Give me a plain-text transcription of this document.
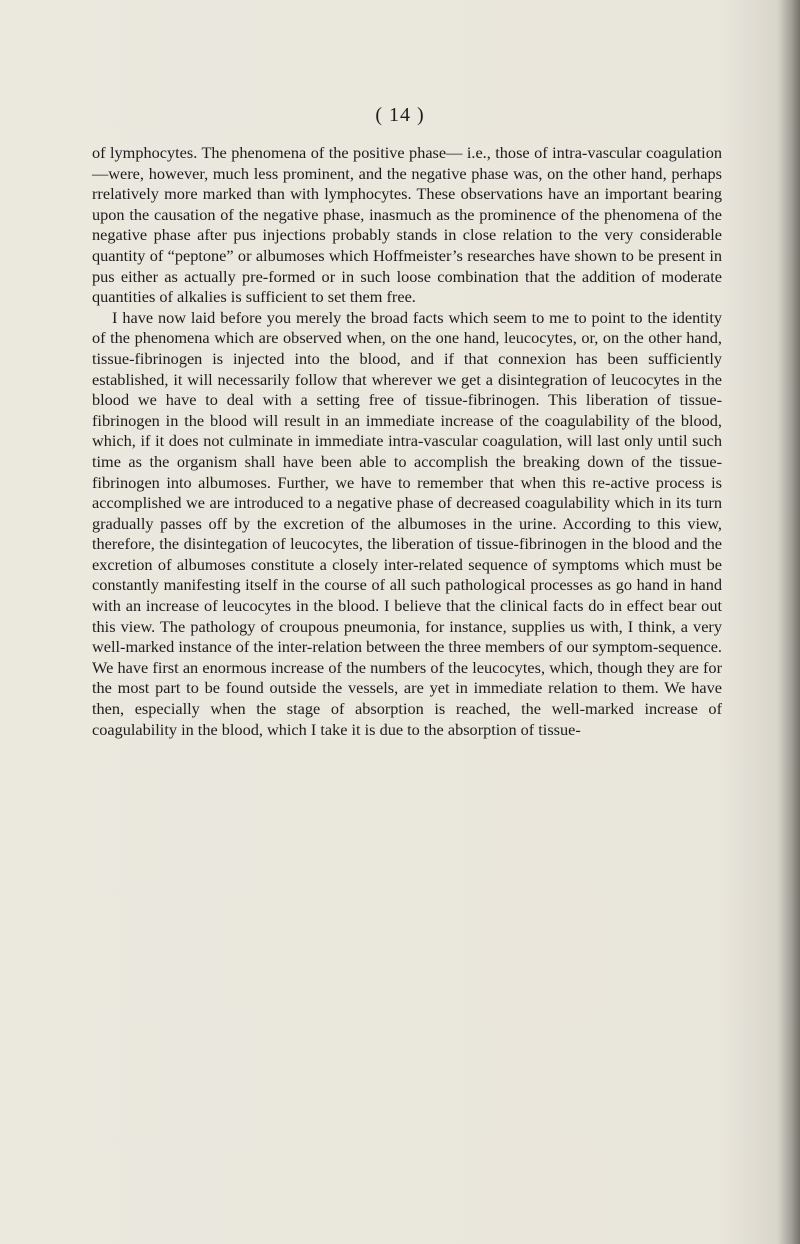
( 14 )

of lymphocytes. The phenomena of the positive phase— i.e., those of intra-vascular coagulation—were, however, much less prominent, and the negative phase was, on the other hand, perhaps rrelatively more marked than with lymphocytes. These observations have an important bearing upon the causation of the negative phase, inasmuch as the prominence of the phenomena of the negative phase after pus injections probably stands in close relation to the very considerable quantity of “peptone” or albumoses which Hoffmeister’s researches have shown to be present in pus either as actually pre-formed or in such loose combination that the addition of moderate quantities of alkalies is sufficient to set them free.

I have now laid before you merely the broad facts which seem to me to point to the identity of the phenomena which are observed when, on the one hand, leucocytes, or, on the other hand, tissue-fibrinogen is injected into the blood, and if that connexion has been sufficiently established, it will necessarily follow that wherever we get a disintegration of leucocytes in the blood we have to deal with a setting free of tissue-fibrinogen. This liberation of tissue-fibrinogen in the blood will result in an immediate increase of the coagulability of the blood, which, if it does not culminate in immediate intra-vascular coagulation, will last only until such time as the organism shall have been able to accomplish the breaking down of the tissue-fibrinogen into albumoses. Further, we have to remember that when this re-active process is accomplished we are introduced to a negative phase of decreased coagulability which in its turn gradually passes off by the excretion of the albumoses in the urine. According to this view, therefore, the disintegation of leucocytes, the liberation of tissue-fibrinogen in the blood and the excretion of albumoses constitute a closely inter-related sequence of symptoms which must be constantly manifesting itself in the course of all such pathological processes as go hand in hand with an increase of leucocytes in the blood. I believe that the clinical facts do in effect bear out this view. The pathology of croupous pneumonia, for instance, supplies us with, I think, a very well-marked instance of the inter-relation between the three members of our symptom-sequence. We have first an enormous increase of the numbers of the leucocytes, which, though they are for the most part to be found outside the vessels, are yet in immediate relation to them. We have then, especially when the stage of absorption is reached, the well-marked increase of coagulability in the blood, which I take it is due to the absorption of tissue-
